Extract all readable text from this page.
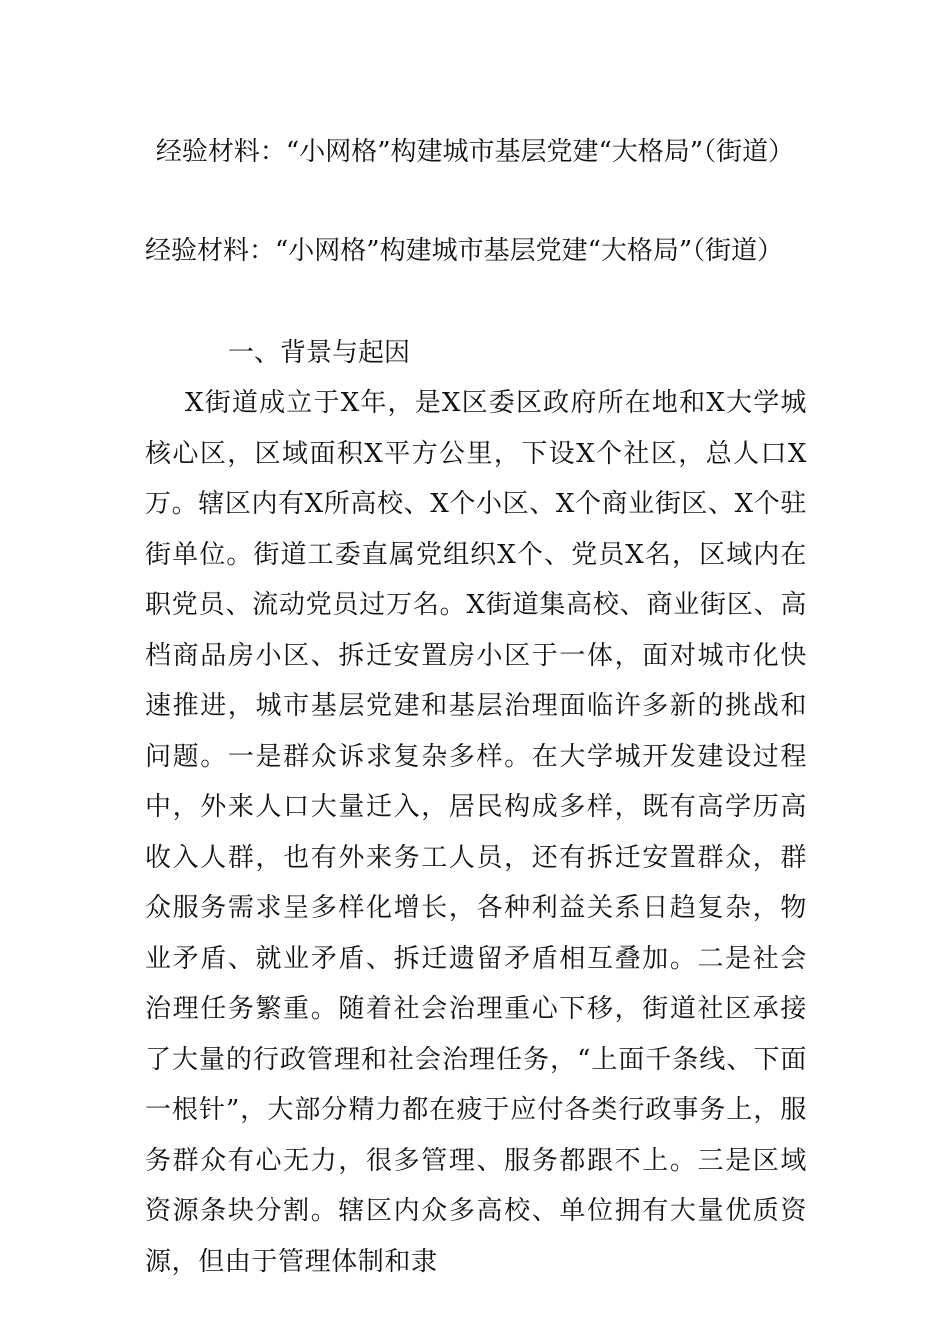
经验材料：“小网格”构建城市基层党建“大格局”（街道）

经验材料：“小网格”构建城市基层党建“大格局”（街道）

一、背景与起因

X街道成立于X年，是X区委区政府所在地和X大学城核心区，区域面积X平方公里，下设X个社区，总人口X万。辖区内有X所高校、X个小区、X个商业街区、X个驻街单位。街道工委直属党组织X个、党员X名，区域内在职党员、流动党员过万名。X街道集高校、商业街区、高档商品房小区、拆迁安置房小区于一体，面对城市化快速推进，城市基层党建和基层治理面临许多新的挑战和问题。一是群众诉求复杂多样。在大学城开发建设过程中，外来人口大量迁入，居民构成多样，既有高学历高收入人群，也有外来务工人员，还有拆迁安置群众，群众服务需求呈多样化增长，各种利益关系日趋复杂，物业矛盾、就业矛盾、拆迁遗留矛盾相互叠加。二是社会治理任务繁重。随着社会治理重心下移，街道社区承接了大量的行政管理和社会治理任务，“上面千条线、下面一根针”，大部分精力都在疲于应付各类行政事务上，服务群众有心无力，很多管理、服务都跟不上。三是区域资源条块分割。辖区内众多高校、单位拥有大量优质资源，但由于管理体制和隶
